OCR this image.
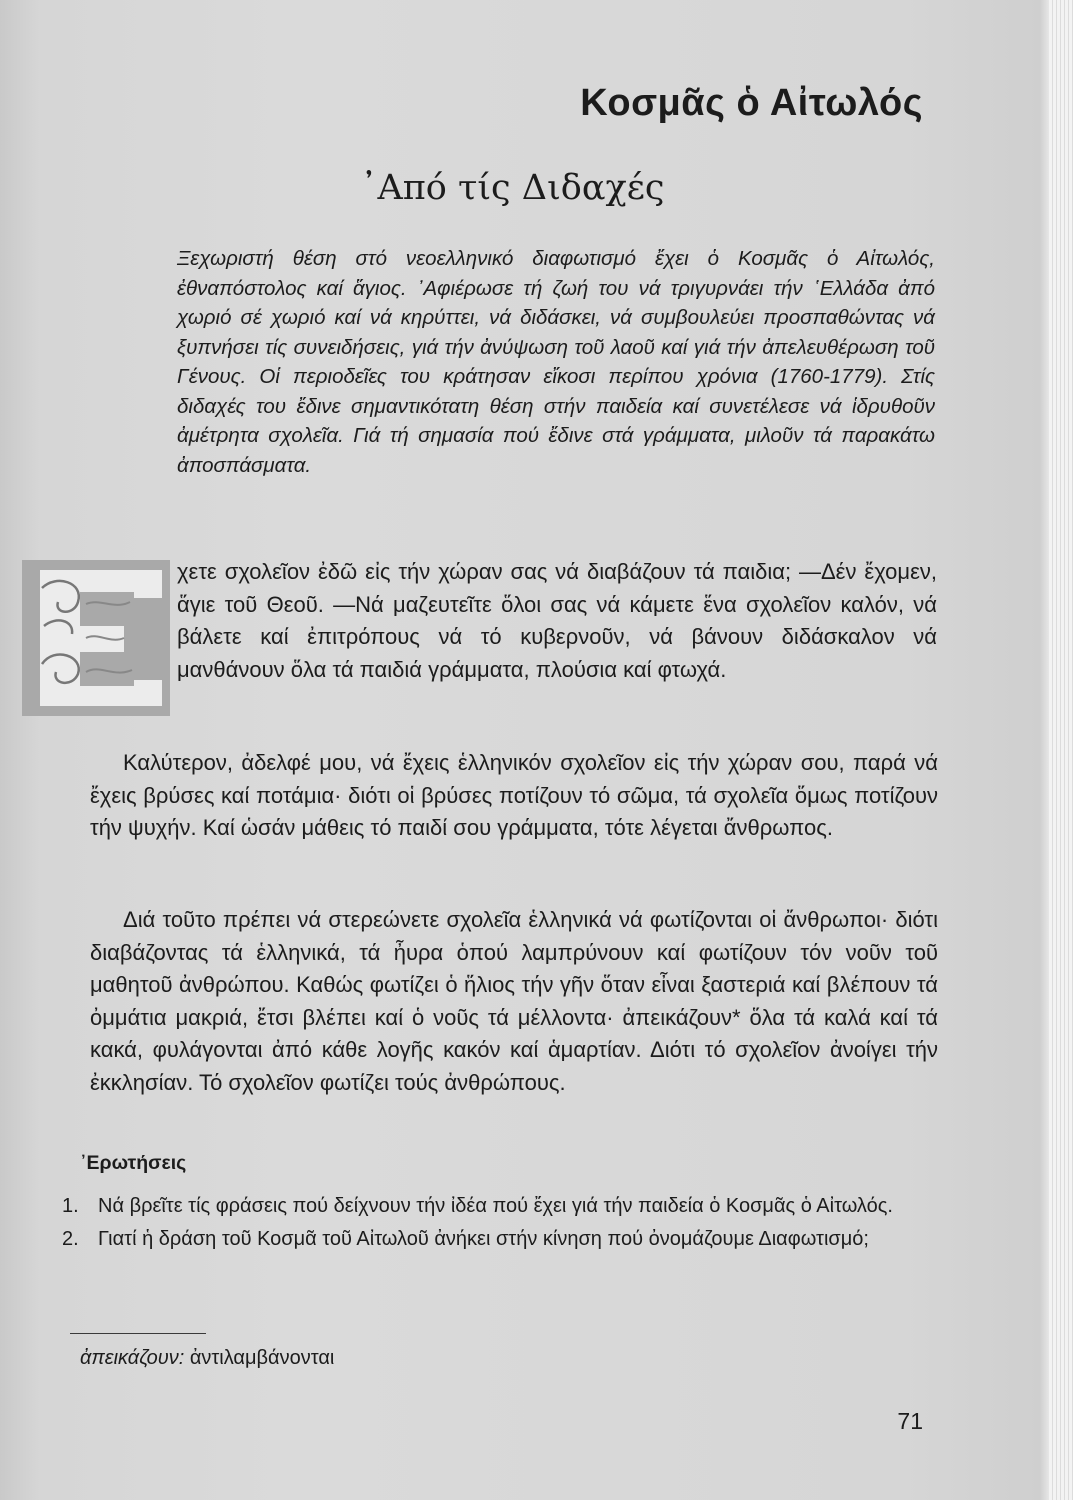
Κοσμᾶς ὁ Αἰτωλός
᾿Από τίς Διδαχές

Ξεχωριστή θέση στό νεοελληνικό διαφωτισμό ἔχει ὁ Κοσμᾶς ὁ Αἰτωλός, ἐθναπόστολος καί ἅγιος. ᾿Αφιέρωσε τή ζωή του νά τριγυρνάει τήν ῾Ελλάδα ἀπό χωριό σέ χωριό καί νά κηρύττει, νά διδάσκει, νά συμβουλεύει προσπαθώντας νά ξυπνήσει τίς συνειδήσεις, γιά τήν ἀνύψωση τοῦ λαοῦ καί γιά τήν ἀπελευθέρωση τοῦ Γένους. Οἱ περιοδεῖες του κράτησαν εἴκοσι περίπου χρόνια (1760-1779). Στίς διδαχές του ἔδινε σημαντικότατη θέση στήν παιδεία καί συνετέλεσε νά ἱδρυθοῦν ἀμέτρητα σχολεῖα. Γιά τή σημασία πού ἔδινε στά γράμματα, μιλοῦν τά παρακάτω ἀποσπάσματα.

χετε σχολεῖον ἐδῶ εἰς τήν χώραν σας νά διαβάζουν τά παιδια; —Δέν ἔχομεν, ἅγιε τοῦ Θεοῦ. —Νά μαζευτεῖτε ὅλοι σας νά κάμετε ἕνα σχολεῖον καλόν, νά βάλετε καί ἐπιτρόπους νά τό κυβερνοῦν, νά βάνουν διδάσκαλον νά μανθάνουν ὅλα τά παιδιά γράμματα, πλούσια καί φτωχά.

Καλύτερον, ἀδελφέ μου, νά ἔχεις ἑλληνικόν σχολεῖον εἰς τήν χώραν σου, παρά νά ἔχεις βρύσες καί ποτάμια· διότι οἱ βρύσες ποτίζουν τό σῶμα, τά σχολεῖα ὅμως ποτίζουν τήν ψυχήν. Καί ὡσάν μάθεις τό παιδί σου γράμματα, τότε λέγεται ἄνθρωπος.

Διά τοῦτο πρέπει νά στερεώνετε σχολεῖα ἑλληνικά νά φωτίζονται οἱ ἄνθρωποι· διότι διαβάζοντας τά ἑλληνικά, τά ἦυρα ὁπού λαμπρύνουν καί φωτίζουν τόν νοῦν τοῦ μαθητοῦ ἀνθρώπου. Καθώς φωτίζει ὁ ἥλιος τήν γῆν ὅταν εἶναι ξαστεριά καί βλέπουν τά ὀμμάτια μακριά, ἔτσι βλέπει καί ὁ νοῦς τά μέλλοντα· ἀπεικάζουν* ὅλα τά καλά καί τά κακά, φυλάγονται ἀπό κάθε λογῆς κακόν καί ἁμαρτίαν. Διότι τό σχολεῖον ἀνοίγει τήν ἐκκλησίαν. Τό σχολεῖον φωτίζει τούς ἀνθρώπους.

᾿Ερωτήσεις
1. Νά βρεῖτε τίς φράσεις πού δείχνουν τήν ἰδέα πού ἔχει γιά τήν παιδεία ὁ Κοσμᾶς ὁ Αἰτωλός.
2. Γιατί ἡ δράση τοῦ Κοσμᾶ τοῦ Αἰτωλοῦ ἀνήκει στήν κίνηση πού ὀνομάζουμε Διαφωτισμό;

ἀπεικάζουν: ἀντιλαμβάνονται

71
